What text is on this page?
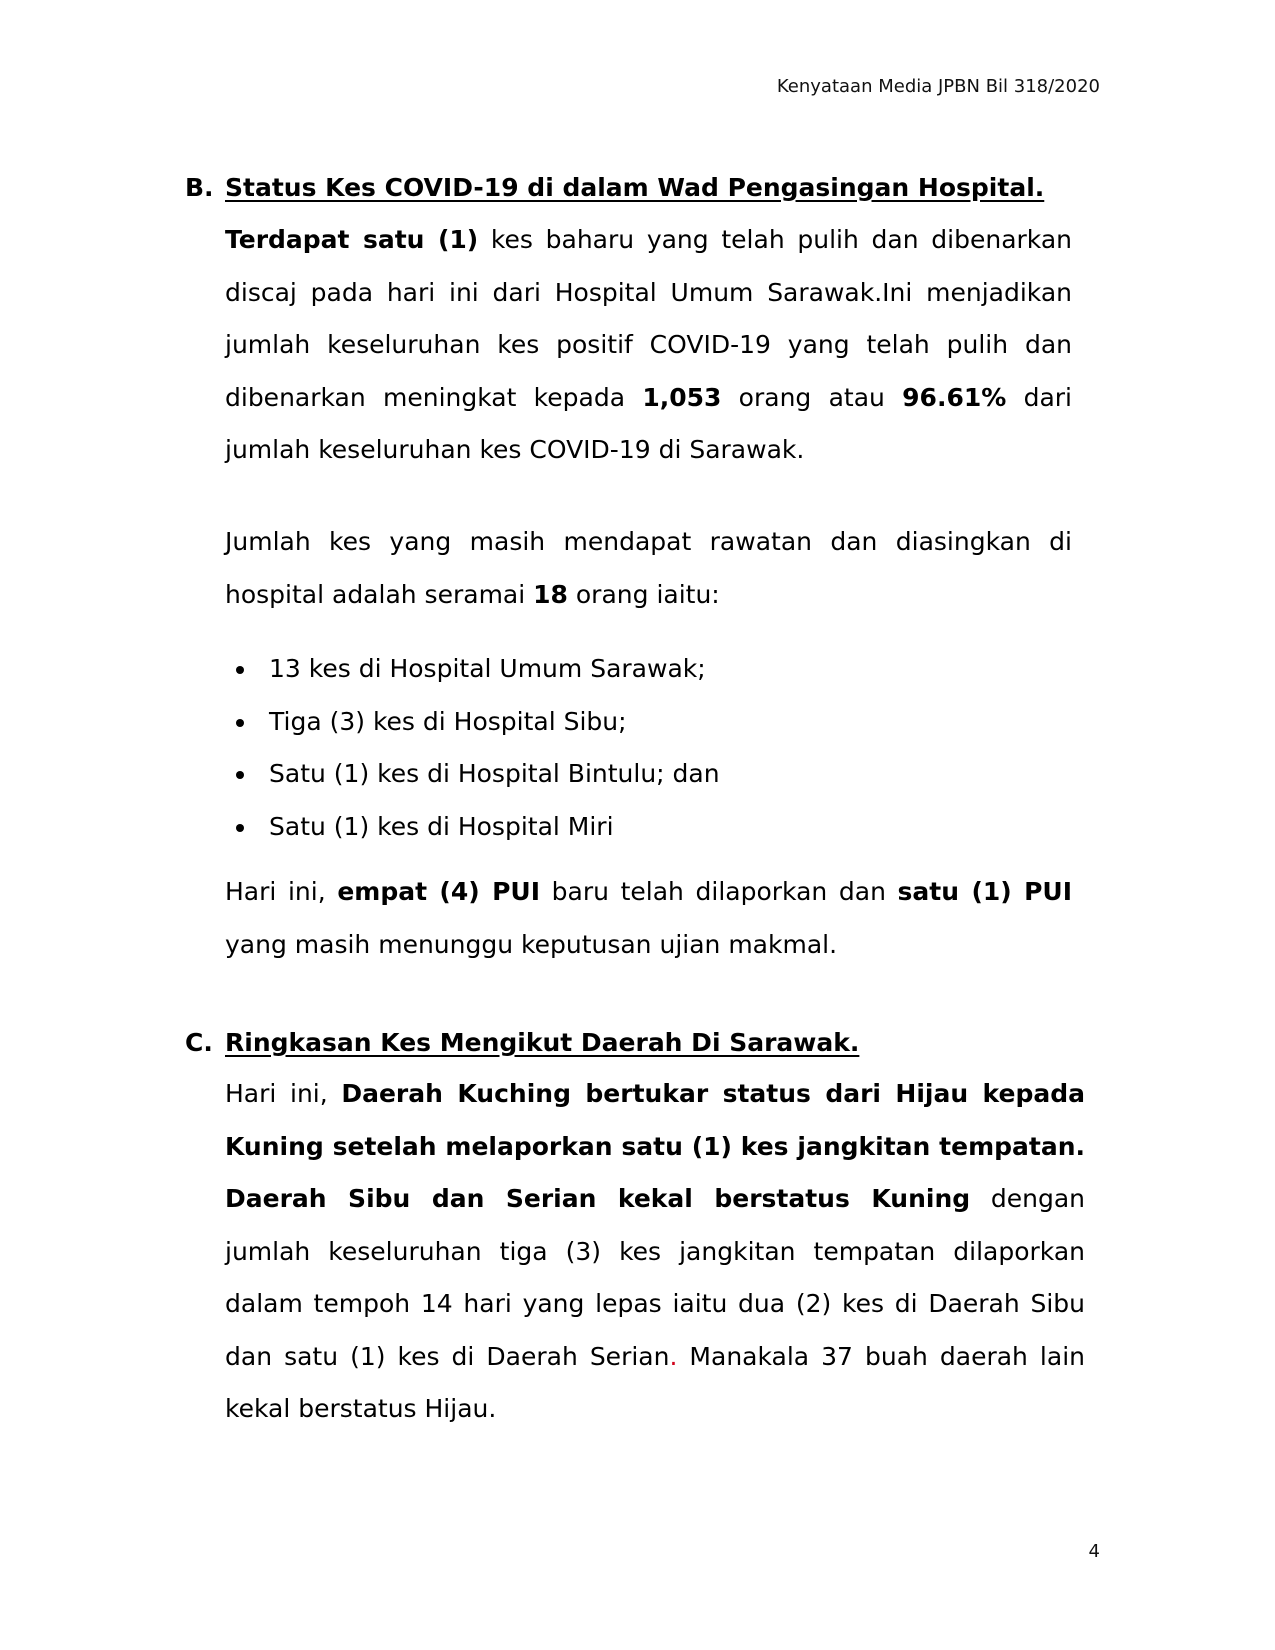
Kenyataan Media JPBN Bil 318/2020
B. Status Kes COVID-19 di dalam Wad Pengasingan Hospital.

Terdapat satu (1) kes baharu yang telah pulih dan dibenarkan discaj pada hari ini dari Hospital Umum Sarawak.Ini menjadikan jumlah keseluruhan kes positif COVID-19 yang telah pulih dan dibenarkan meningkat kepada 1,053 orang atau 96.61% dari jumlah keseluruhan kes COVID-19 di Sarawak.

Jumlah kes yang masih mendapat rawatan dan diasingkan di hospital adalah seramai 18 orang iaitu:

13 kes di Hospital Umum Sarawak;
Tiga (3) kes di Hospital Sibu;
Satu (1) kes di Hospital Bintulu; dan
Satu (1) kes di Hospital Miri

Hari ini, empat (4) PUI baru telah dilaporkan dan satu (1) PUI yang masih menunggu keputusan ujian makmal.

C. Ringkasan Kes Mengikut Daerah Di Sarawak.

Hari ini, Daerah Kuching bertukar status dari Hijau kepada Kuning setelah melaporkan satu (1) kes jangkitan tempatan. Daerah Sibu dan Serian kekal berstatus Kuning dengan jumlah keseluruhan tiga (3) kes jangkitan tempatan dilaporkan dalam tempoh 14 hari yang lepas iaitu dua (2) kes di Daerah Sibu dan satu (1) kes di Daerah Serian. Manakala 37 buah daerah lain kekal berstatus Hijau.

4
